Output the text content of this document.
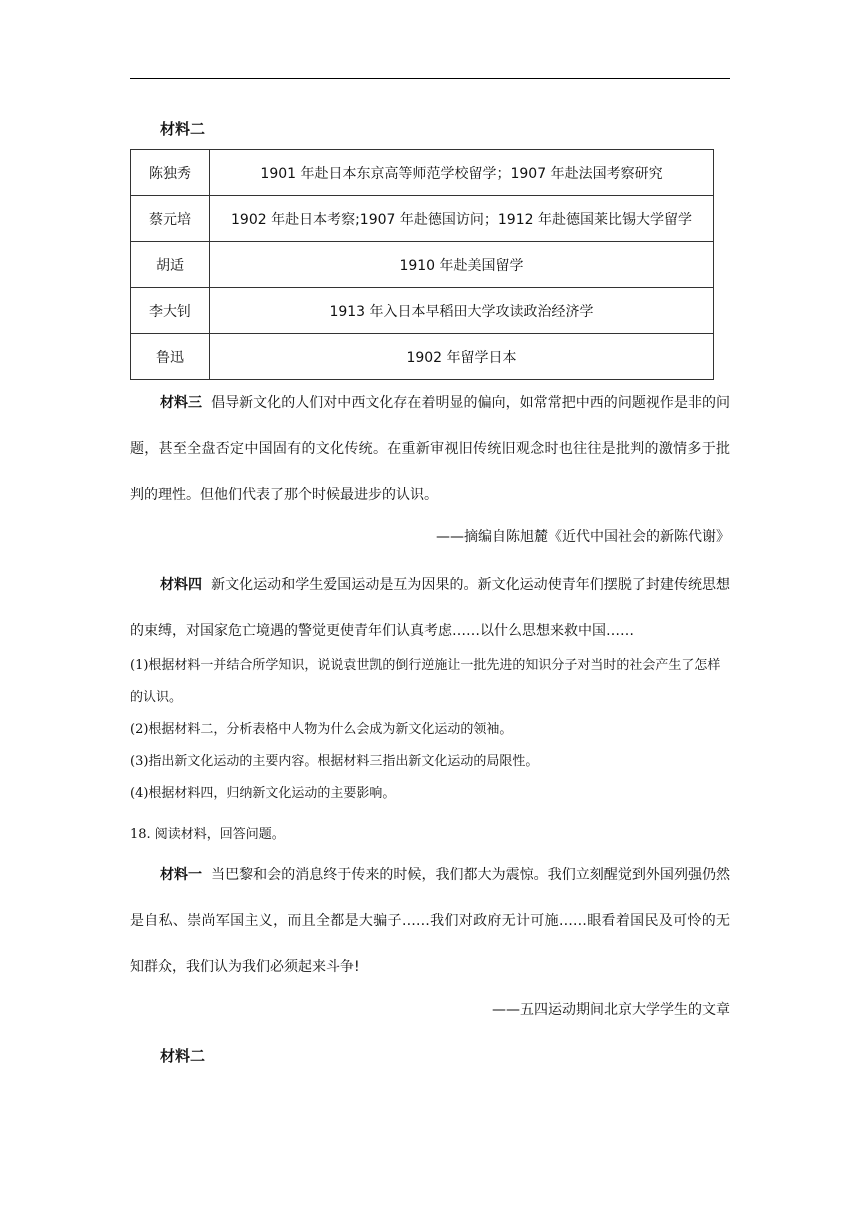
材料二
陈独秀	1901 年赴日本东京高等师范学校留学；1907 年赴法国考察研究
蔡元培	1902 年赴日本考察;1907 年赴德国访问；1912 年赴德国莱比锡大学留学
胡适	1910 年赴美国留学
李大钊	1913 年入日本早稻田大学攻读政治经济学
鲁迅	1902 年留学日本

材料三 倡导新文化的人们对中西文化存在着明显的偏向，如常常把中西的问题视作是非的问题，甚至全盘否定中国固有的文化传统。在重新审视旧传统旧观念时也往往是批判的激情多于批判的理性。但他们代表了那个时候最进步的认识。

——摘编自陈旭麓《近代中国社会的新陈代谢》

材料四 新文化运动和学生爱国运动是互为因果的。新文化运动使青年们摆脱了封建传统思想的束缚，对国家危亡境遇的警觉更使青年们认真考虑……以什么思想来救中国……

(1)根据材料一并结合所学知识，说说袁世凯的倒行逆施让一批先进的知识分子对当时的社会产生了怎样的认识。
(2)根据材料二，分析表格中人物为什么会成为新文化运动的领袖。
(3)指出新文化运动的主要内容。根据材料三指出新文化运动的局限性。
(4)根据材料四，归纳新文化运动的主要影响。
18. 阅读材料，回答问题。

材料一 当巴黎和会的消息终于传来的时候，我们都大为震惊。我们立刻醒觉到外国列强仍然是自私、崇尚军国主义，而且全都是大骗子……我们对政府无计可施……眼看着国民及可怜的无知群众，我们认为我们必须起来斗争!

——五四运动期间北京大学学生的文章
材料二
